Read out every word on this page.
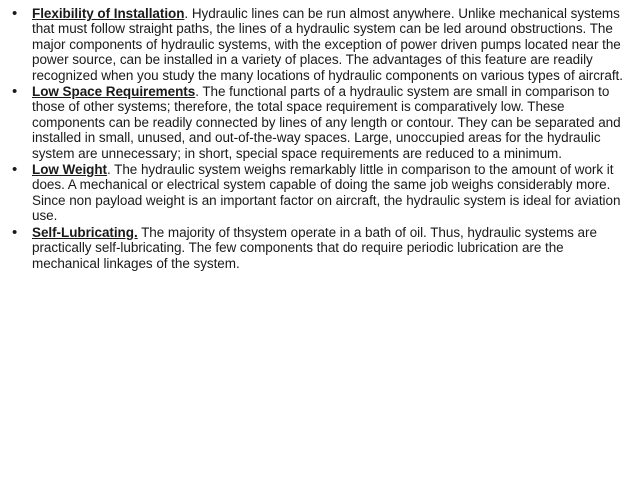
• Flexibility of Installation. Hydraulic lines can be run almost anywhere. Unlike mechanical systems that must follow straight paths, the lines of a hydraulic system can be led around obstructions. The major components of hydraulic systems, with the exception of power driven pumps located near the power source, can be installed in a variety of places. The advantages of this feature are readily recognized when you study the many locations of hydraulic components on various types of aircraft.
• Low Space Requirements. The functional parts of a hydraulic system are small in comparison to those of other systems; therefore, the total space requirement is comparatively low. These components can be readily connected by lines of any length or contour. They can be separated and installed in small, unused, and out-of-the-way spaces. Large, unoccupied areas for the hydraulic system are unnecessary; in short, special space requirements are reduced to a minimum.
• Low Weight. The hydraulic system weighs remarkably little in comparison to the amount of work it does. A mechanical or electrical system capable of doing the same job weighs considerably more. Since non payload weight is an important factor on aircraft, the hydraulic system is ideal for aviation use.
• Self-Lubricating. The majority of thsystem operate in a bath of oil. Thus, hydraulic systems are practically self-lubricating. The few components that do require periodic lubrication are the mechanical linkages of the system.
